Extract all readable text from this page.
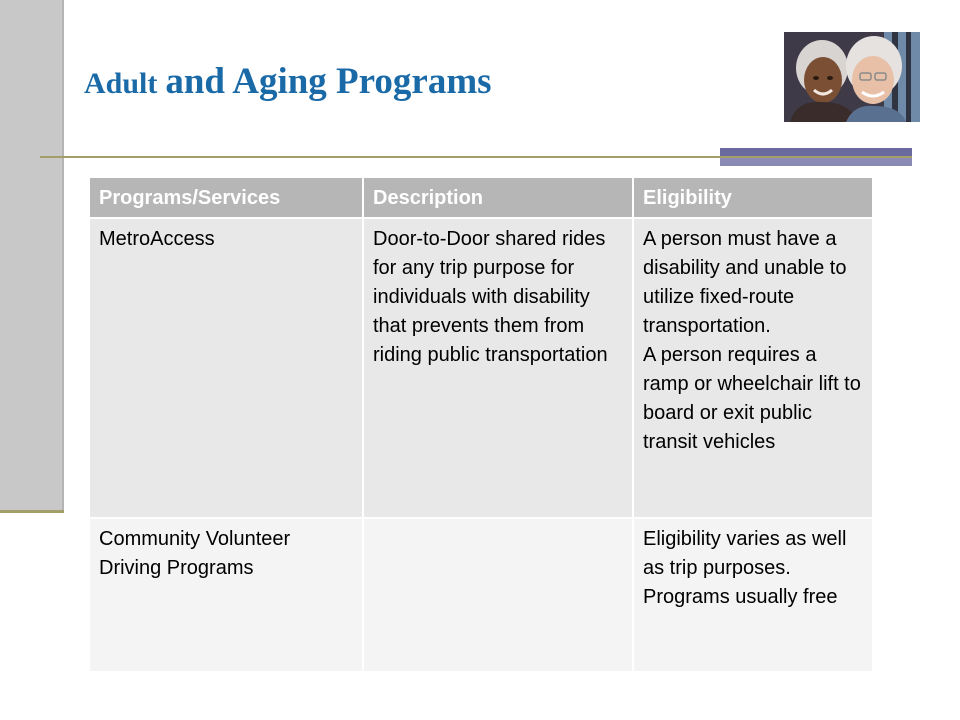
Adult and Aging Programs
Programs/Services	Description	Eligibility
MetroAccess	Door-to-Door shared rides for any trip purpose for individuals with disability that prevents them from riding public transportation	A person must have a disability and unable to utilize fixed-route transportation.
A person requires a ramp or wheelchair lift to board or exit public transit vehicles

Community Volunteer Driving Programs		Eligibility varies as well as trip purposes.
Programs usually free
